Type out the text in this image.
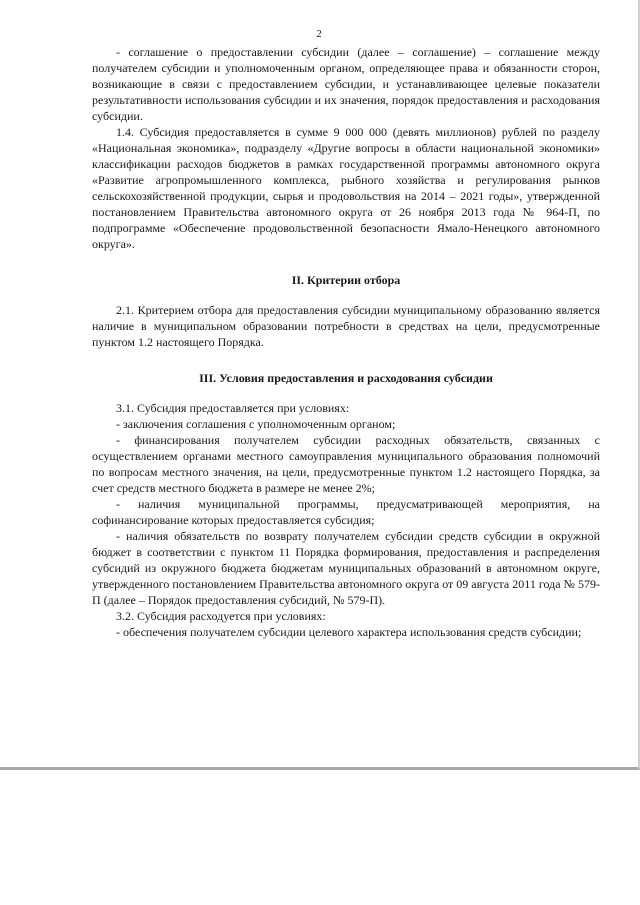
2

- соглашение о предоставлении субсидии (далее – соглашение) – соглашение между получателем субсидии и уполномоченным органом, определяющее права и обязанности сторон, возникающие в связи с предоставлением субсидии, и устанавливающее целевые показатели результативности использования субсидии и их значения, порядок предоставления и расходования субсидии.

1.4. Субсидия предоставляется в сумме 9 000 000 (девять миллионов) рублей по разделу «Национальная экономика», подразделу «Другие вопросы в области национальной экономики» классификации расходов бюджетов в рамках государственной программы автономного округа «Развитие агропромышленного комплекса, рыбного хозяйства и регулирования рынков сельскохозяйственной продукции, сырья и продовольствия на 2014 – 2021 годы», утвержденной постановлением Правительства автономного округа от 26 ноября 2013 года № 964-П, по подпрограмме «Обеспечение продовольственной безопасности Ямало-Ненецкого автономного округа».

II. Критерии отбора

2.1. Критерием отбора для предоставления субсидии муниципальному образованию является наличие в муниципальном образовании потребности в средствах на цели, предусмотренные пунктом 1.2 настоящего Порядка.

III. Условия предоставления и расходования субсидии

3.1. Субсидия предоставляется при условиях:

- заключения соглашения с уполномоченным органом;

- финансирования получателем субсидии расходных обязательств, связанных с осуществлением органами местного самоуправления муниципального образования полномочий по вопросам местного значения, на цели, предусмотренные пунктом 1.2 настоящего Порядка, за счет средств местного бюджета в размере не менее 2%;

- наличия муниципальной программы, предусматривающей мероприятия, на софинансирование которых предоставляется субсидия;

- наличия обязательств по возврату получателем субсидии средств субсидии в окружной бюджет в соответствии с пунктом 11 Порядка формирования, предоставления и распределения субсидий из окружного бюджета бюджетам муниципальных образований в автономном округе, утвержденного постановлением Правительства автономного округа от 09 августа 2011 года № 579-П (далее – Порядок предоставления субсидий, № 579-П).

3.2. Субсидия расходуется при условиях:

- обеспечения получателем субсидии целевого характера использования средств субсидии;
